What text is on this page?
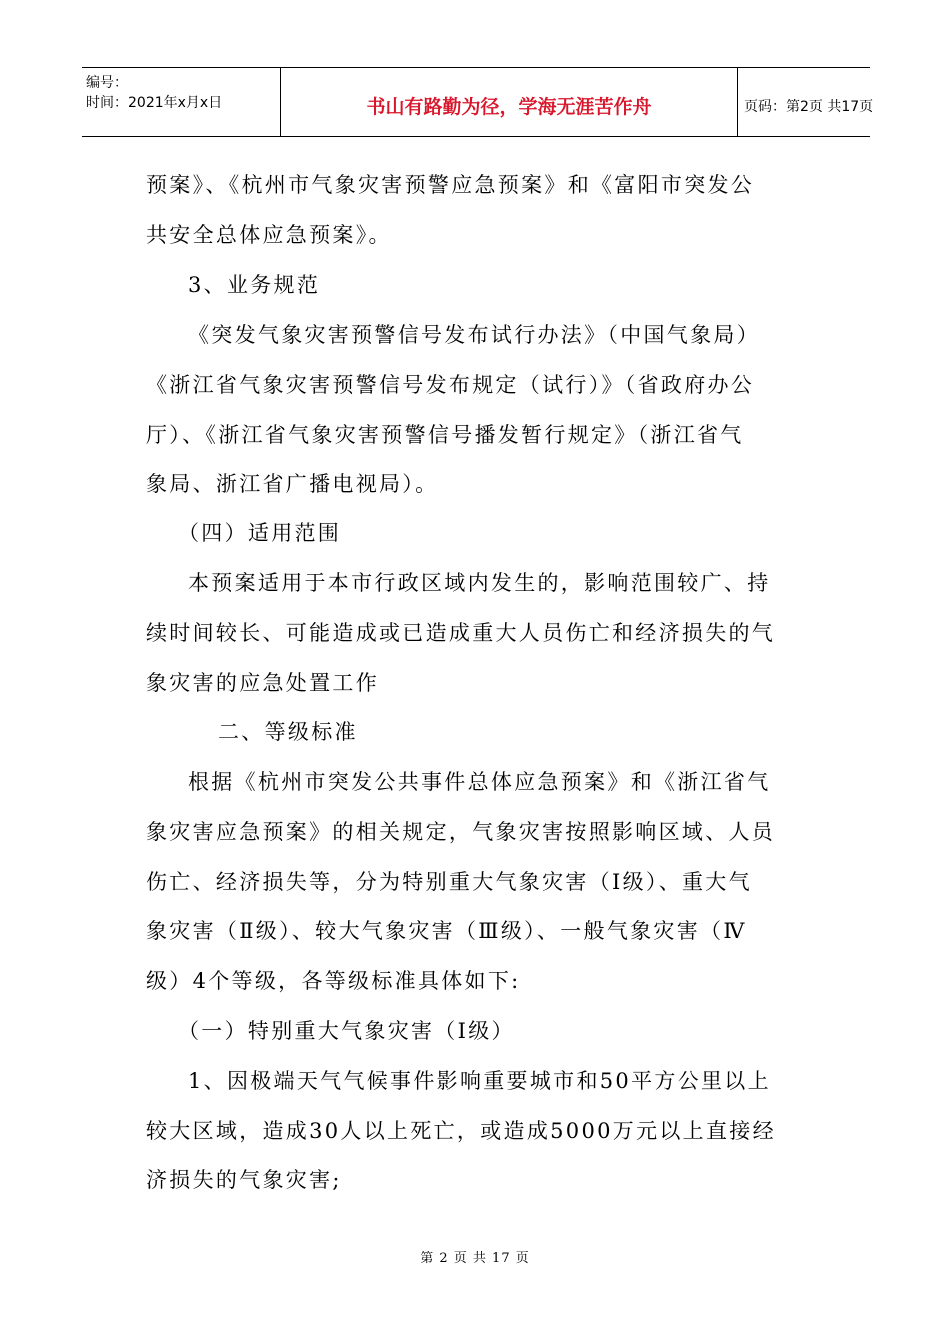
编号：
时间：2021年x月x日	书山有路勤为径，学海无涯苦作舟	页码：第2页 共17页
预案》、《杭州市气象灾害预警应急预案》和《富阳市突发公
共安全总体应急预案》。
3、业务规范
《突发气象灾害预警信号发布试行办法》（中国气象局）
《浙江省气象灾害预警信号发布规定（试行）》（省政府办公
厅）、《浙江省气象灾害预警信号播发暂行规定》（浙江省气
象局、浙江省广播电视局）。
（四）适用范围
本预案适用于本市行政区域内发生的，影响范围较广、持
续时间较长、可能造成或已造成重大人员伤亡和经济损失的气
象灾害的应急处置工作
二、等级标准
根据《杭州市突发公共事件总体应急预案》和《浙江省气
象灾害应急预案》的相关规定，气象灾害按照影响区域、人员
伤亡、经济损失等，分为特别重大气象灾害（Ⅰ级）、重大气
象灾害（Ⅱ级）、较大气象灾害（Ⅲ级）、一般气象灾害（Ⅳ
级）4个等级，各等级标准具体如下:
（一）特别重大气象灾害（Ⅰ级）
1、因极端天气气候事件影响重要城市和50平方公里以上
较大区域，造成30人以上死亡，或造成5000万元以上直接经
济损失的气象灾害;
第 2 页 共 17 页
